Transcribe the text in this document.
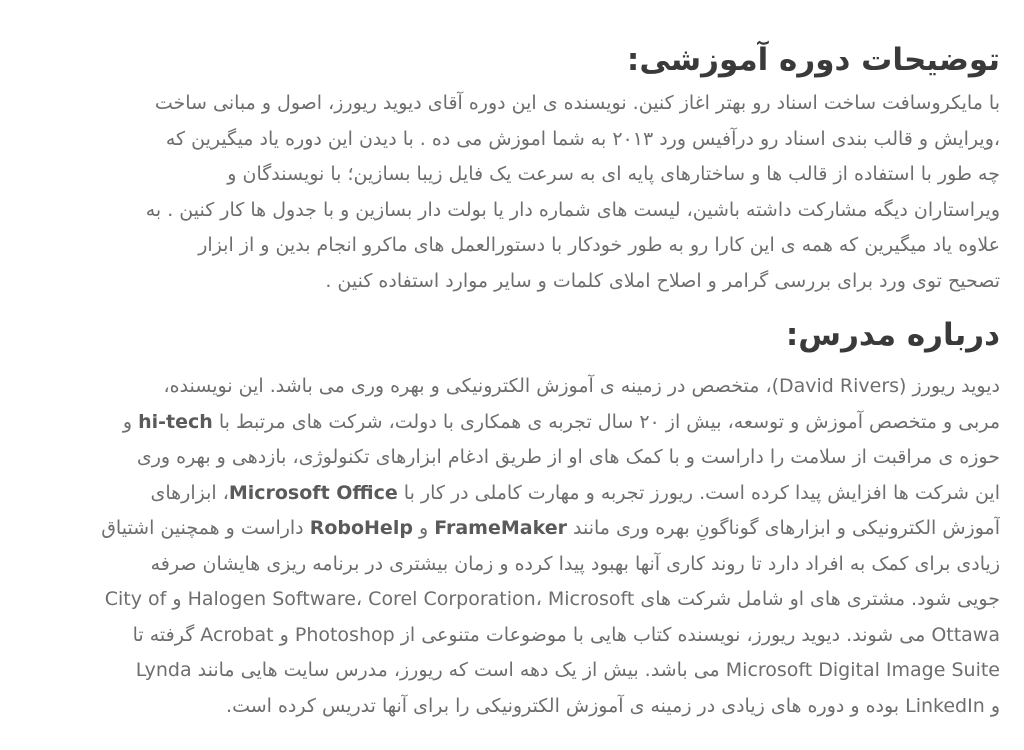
توضیحات دوره آموزشی:

با مایکروسافت ساخت اسناد رو بهتر اغاز کنین. نویسنده ی این دوره آقای دیوید ریورز، اصول و مبانی ساخت
،ویرایش و قالب بندی اسناد رو درآفیس ورد ۲۰۱۳ به شما اموزش می ده . با دیدن این دوره یاد میگیرین که
چه طور با استفاده از قالب ها و ساختارهای پایه ای به سرعت یک فایل زیبا بسازین؛ با نویسندگان و
ویراستاران دیگه مشارکت داشته باشین، لیست های شماره دار یا بولت دار بسازین و با جدول ها کار کنین . به
علاوه یاد میگیرین که همه ی این کارا رو به طور خودکار با دستورالعمل های ماکرو انجام بدین و از ابزار
تصحیح توی ورد برای بررسی گرامر و اصلاح املای کلمات و سایر موارد استفاده کنین .

درباره مدرس:

دیوید ریورز (David Rivers)، متخصص در زمینه ی آموزش الکترونیکی و بهره وری می باشد. این نویسنده،
مربی و متخصص آموزش و توسعه، بیش از ۲۰ سال تجربه ی همکاری با دولت، شرکت های مرتبط با hi-tech و
حوزه ی مراقبت از سلامت را داراست و با کمک های او از طریق ادغام ابزارهای تکنولوژی، بازدهی و بهره وری
این شرکت ها افزایش پیدا کرده است. ریورز تجربه و مهارت کاملی در کار با Microsoft Office، ابزارهای
آموزش الکترونیکی و ابزارهای گوناگونِ بهره وری مانند FrameMaker و RoboHelp داراست و همچنین اشتیاق
زیادی برای کمک به افراد دارد تا روند کاری آنها بهبود پیدا کرده و زمان بیشتری در برنامه ریزی هایشان صرفه
جویی شود. مشتری های او شامل شرکت های Halogen Software، Corel Corporation، Microsoft و City of
Ottawa می شوند. دیوید ریورز، نویسنده کتاب هایی با موضوعات متنوعی از Photoshop و Acrobat گرفته تا
Microsoft Digital Image Suite می باشد. بیش از یک دهه است که ریورز، مدرس سایت هایی مانند Lynda
و LinkedIn بوده و دوره های زیادی در زمینه ی آموزش الکترونیکی را برای آنها تدریس کرده است.
